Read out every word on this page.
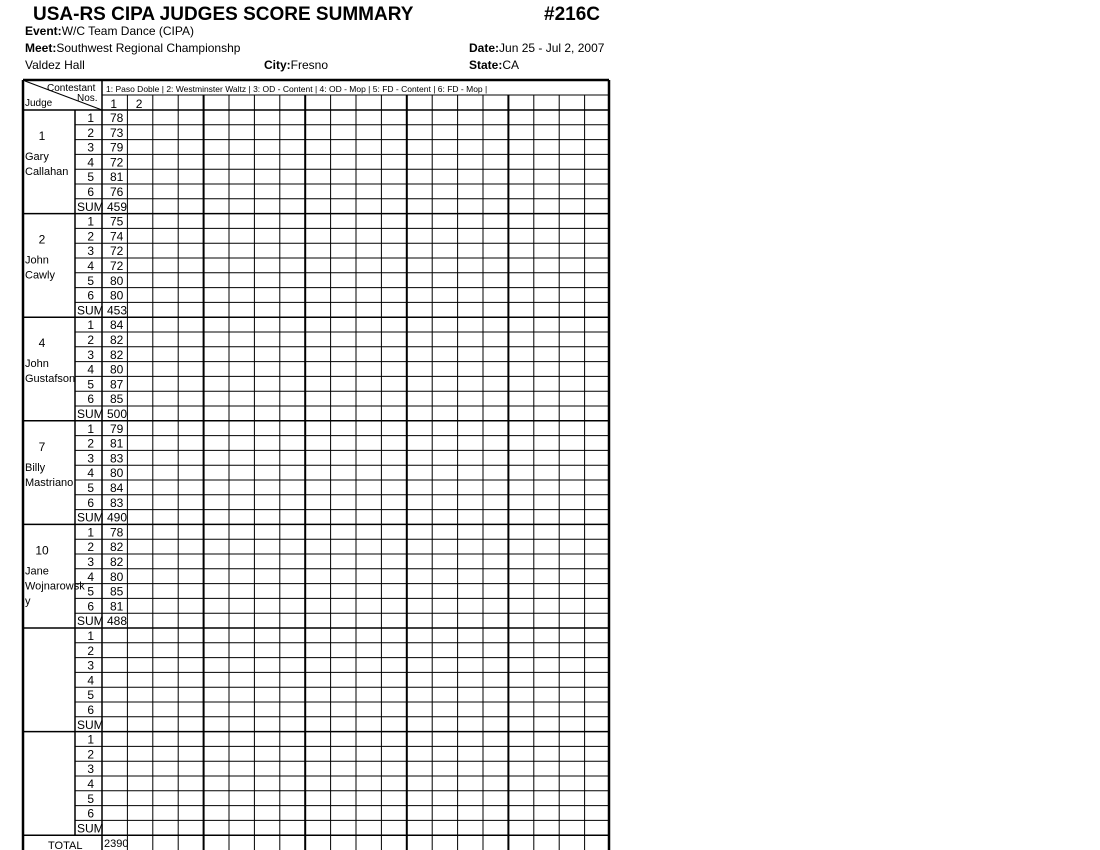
USA-RS CIPA JUDGES SCORE SUMMARY	#216C
Event:W/C Team Dance (CIPA)
Meet:Southwest Regional Championshp	Date:Jun 25 - Jul 2, 2007
Valdez Hall	City:Fresno	State:CA
Contestant
Nos.
Judge
1: Paso Doble | 2: Westminster Waltz | 3: OD - Content | 4: OD - Mop | 5: FD - Content | 6: FD - Mop |
1 2
1
Gary
Callahan
1 78
2 73
3 79
4 72
5 81
6 76
SUM 459
2
John
Cawly
1 75
2 74
3 72
4 72
5 80
6 80
SUM 453
4
John
Gustafson
1 84
2 82
3 82
4 80
5 87
6 85
SUM 500
7
Billy
Mastriano
1 79
2 81
3 83
4 80
5 84
6 83
SUM 490
10
Jane
Wojnarowsk
y
1 78
2 82
3 82
4 80
5 85
6 81
SUM 488
1
2
3
4
5
6
SUM
1
2
3
4
5
6
SUM
TOTAL 2390
